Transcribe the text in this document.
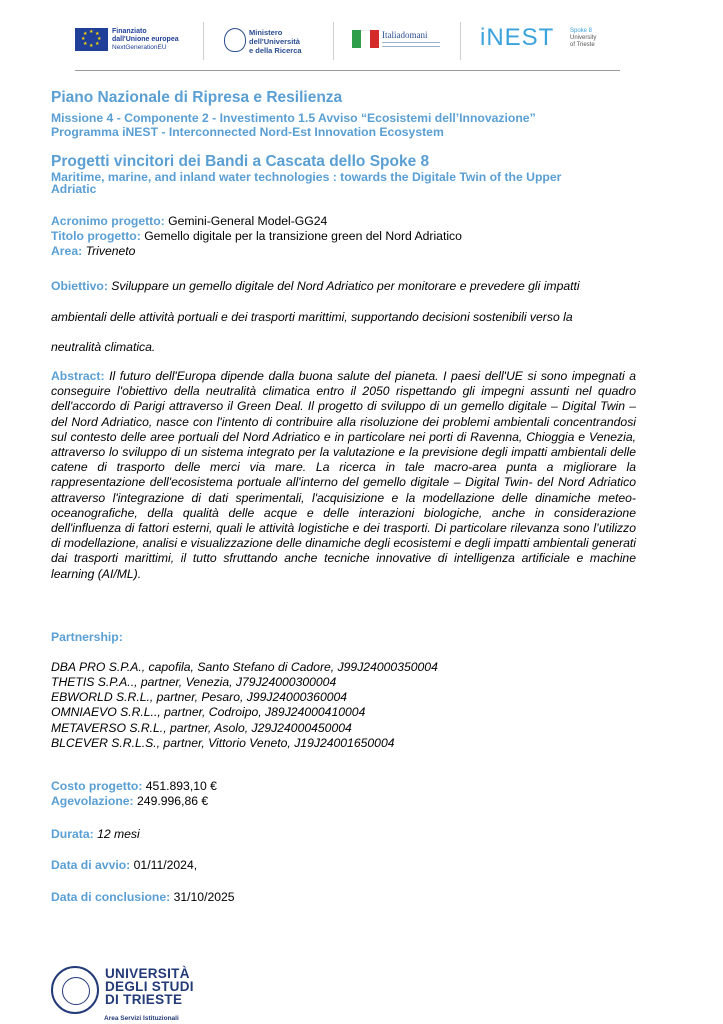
★ ★
★
★
★
★
★
★	Finanziato
dall'Unione europea
NextGenerationEU
Ministero
dell'Università
e della Ricerca
Italiadomani iNEST	Spoke 8
University
of Trieste
Piano Nazionale di Ripresa e Resilienza
Missione 4 - Componente 2 - Investimento 1.5 Avviso “Ecosistemi dell’Innovazione”
Programma iNEST - Interconnected Nord-Est Innovation Ecosystem
Progetti vincitori dei Bandi a Cascata dello Spoke 8
Maritime, marine, and inland water technologies : towards the Digitale Twin of the Upper
Adriatic
Acronimo progetto: Gemini-General Model-GG24
Titolo progetto: Gemello digitale per la transizione green del Nord Adriatico
Area: Triveneto
Obiettivo: Sviluppare un gemello digitale del Nord Adriatico per monitorare e prevedere gli impatti
ambientali delle attività portuali e dei trasporti marittimi, supportando decisioni sostenibili verso la
neutralità climatica.
Abstract: Il futuro dell'Europa dipende dalla buona salute del pianeta. I paesi dell'UE si sono impegnati a conseguire l'obiettivo della neutralità climatica entro il 2050 rispettando gli impegni assunti nel quadro dell'accordo di Parigi attraverso il Green Deal. Il progetto di sviluppo di un gemello digitale – Digital Twin – del Nord Adriatico, nasce con l'intento di contribuire alla risoluzione dei problemi ambientali concentrandosi sul contesto delle aree portuali del Nord Adriatico e in particolare nei porti di Ravenna, Chioggia e Venezia, attraverso lo sviluppo di un sistema integrato per la valutazione e la previsione degli impatti ambientali delle catene di trasporto delle merci via mare. La ricerca in tale macro-area punta a migliorare la rappresentazione dell'ecosistema portuale all'interno del gemello digitale – Digital Twin- del Nord Adriatico attraverso l'integrazione di dati sperimentali, l'acquisizione e la modellazione delle dinamiche meteo-oceanografiche, della qualità delle acque e delle interazioni biologiche, anche in considerazione dell'influenza di fattori esterni, quali le attività logistiche e dei trasporti. Di particolare rilevanza sono l’utilizzo di modellazione, analisi e visualizzazione delle dinamiche degli ecosistemi e degli impatti ambientali generati dai trasporti marittimi, il tutto sfruttando anche tecniche innovative di intelligenza artificiale e machine learning (AI/ML).
Partnership:
DBA PRO S.P.A., capofila, Santo Stefano di Cadore, J99J24000350004
THETIS S.P.A.., partner, Venezia, J79J24000300004
EBWORLD S.R.L., partner, Pesaro, J99J24000360004
OMNIAEVO S.R.L.., partner, Codroipo, J89J24000410004
METAVERSO S.R.L., partner, Asolo, J29J24000450004
BLCEVER S.R.L.S., partner, Vittorio Veneto, J19J24001650004
Costo progetto: 451.893,10 €
Agevolazione: 249.996,86 €
Durata: 12 mesi
Data di avvio: 01/11/2024,
Data di conclusione: 31/10/2025
UNIVERSITÀ
DEGLI STUDI
DI TRIESTE
Area Servizi Istituzionali
